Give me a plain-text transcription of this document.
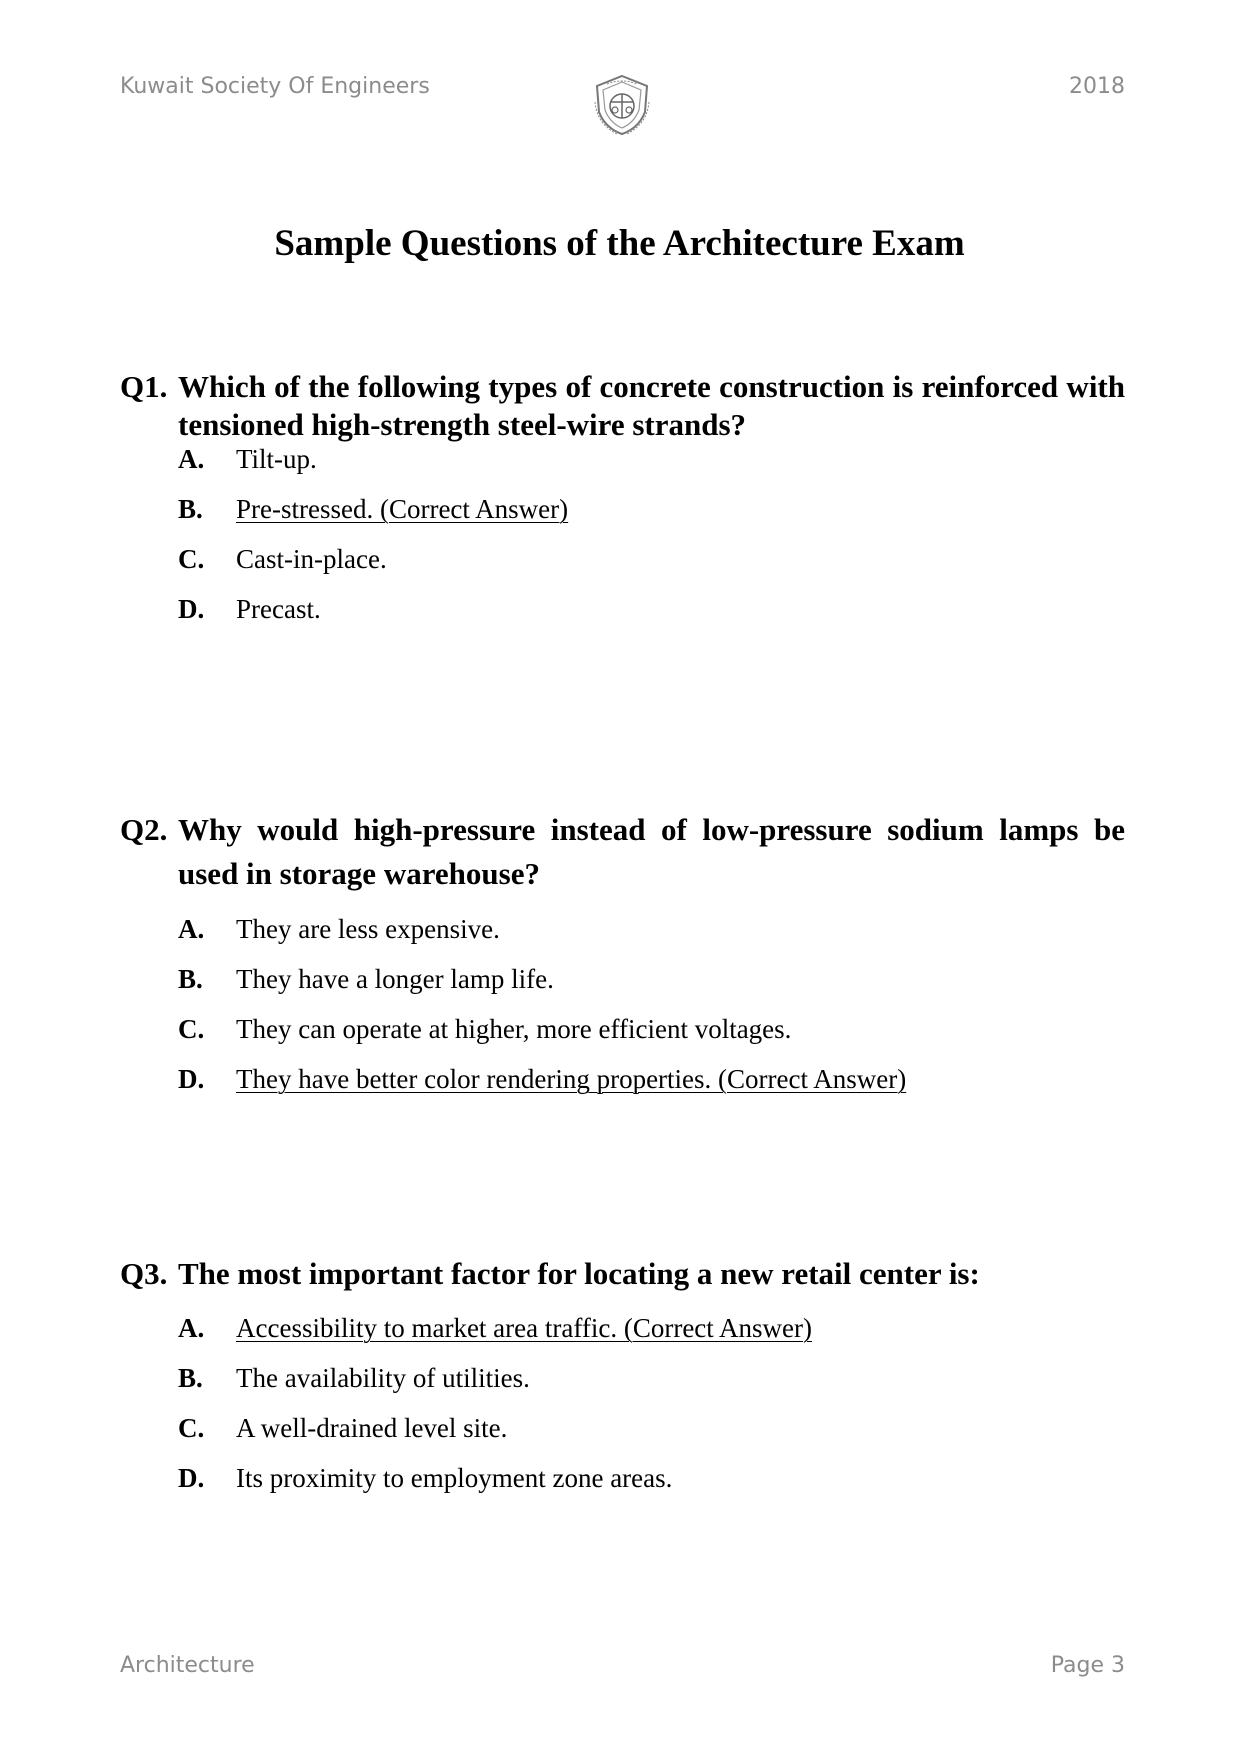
Kuwait Society Of Engineers	2018
Sample Questions of the Architecture Exam
Q1. Which of the following types of concrete construction is reinforced with tensioned high-strength steel-wire strands?
A.	Tilt-up.
B.	Pre-stressed. (Correct Answer)
C.	Cast-in-place.
D.	Precast.
Q2. Why would high-pressure instead of low-pressure sodium lamps be used in storage warehouse?
A.	They are less expensive.
B.	They have a longer lamp life.
C.	They can operate at higher, more efficient voltages.
D.	They have better color rendering properties. (Correct Answer)
Q3. The most important factor for locating a new retail center is:
A.	Accessibility to market area traffic. (Correct Answer)
B.	The availability of utilities.
C.	A well-drained level site.
D.	Its proximity to employment zone areas.
Architecture	Page 3
